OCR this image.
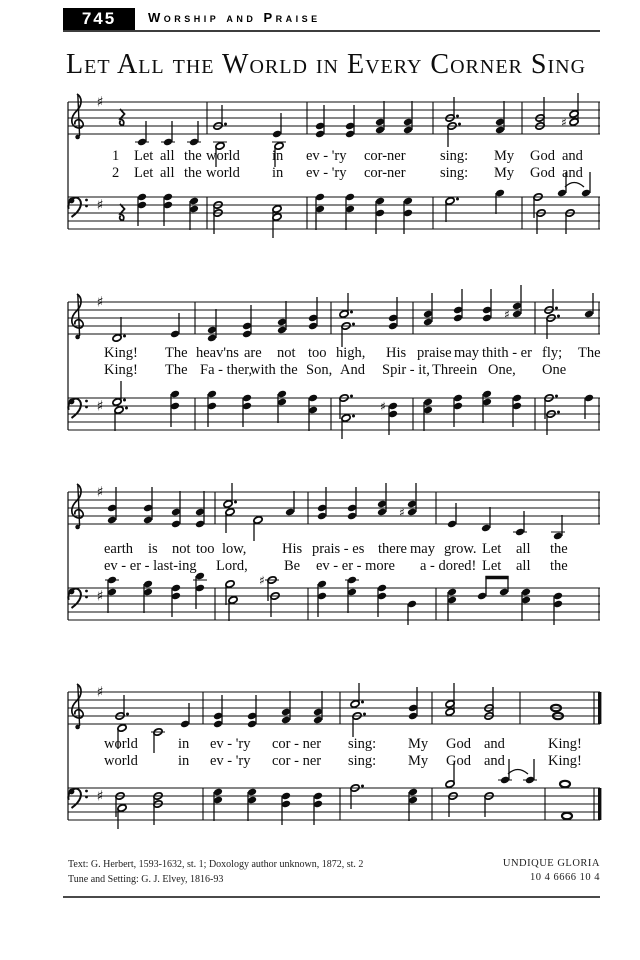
745 Worship and Praise
Let All the World in Every Corner Sing
♯
♯
♯
♯
♯
♯	♯
♯
♯
♯
♯
♯
♯
Text: G. Herbert, 1593-1632, st. 1; Doxology author unknown, 1872, st. 2
Tune and Setting: G. J. Elvey, 1816-93
UNDIQUE GLORIA
10 4 6666 10 4
1 Let all the world in ev - 'ry cor-ner sing: My God and
2 Let all the world in ev - 'ry cor-ner sing: My God and
King! The heav'ns are not too high, His praise may thith - er fly; The
King! The Fa - ther,
with the Son, And Spir - it, Three in One, One
earth is not too low, His prais - es there may grow. Let all the
ev - er - last-ing Lord, Be ev - er - more a - dored! Let all the
world	in ev - 'ry cor - ner sing: My God and	King!
world	in ev - 'ry cor - ner sing: My God and	King!
